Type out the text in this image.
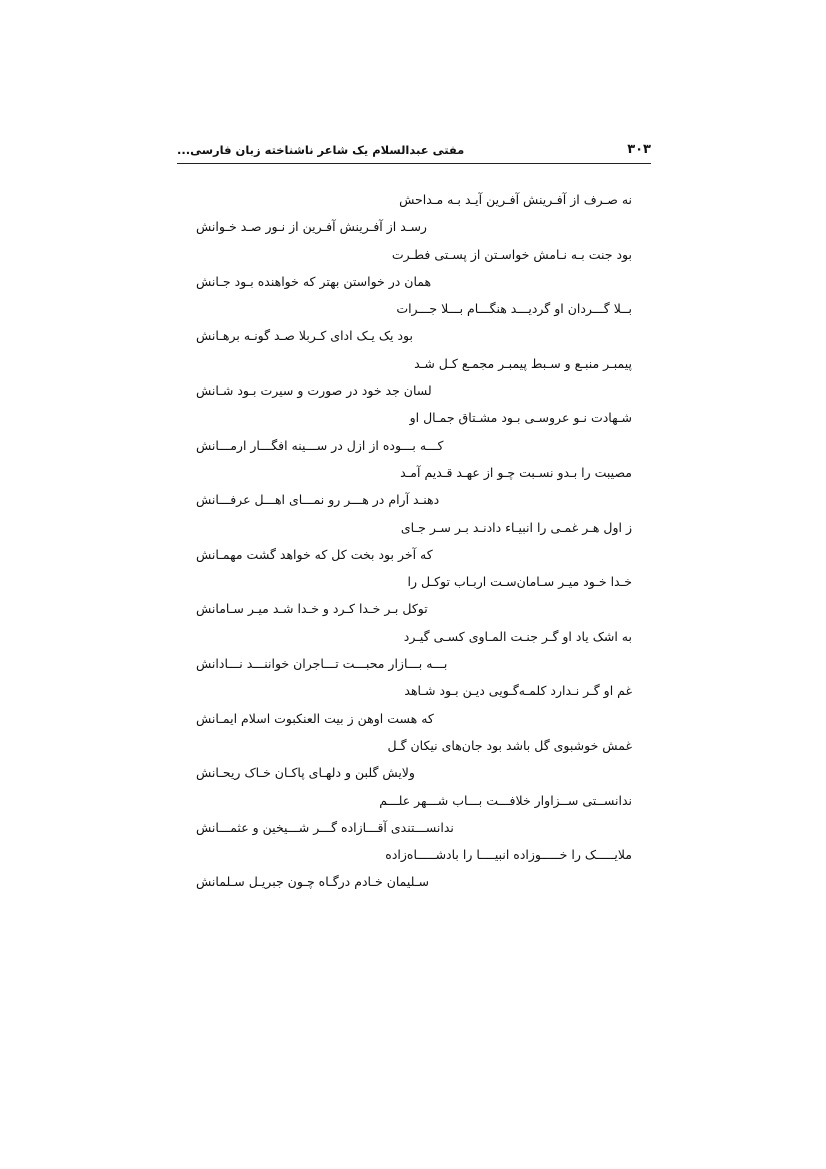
۳۰۳
مفتی عبدالسلام یک شاعر ناشناخته زبان فارسی...
نه صـرف از آفـرینش آفـرین آیـد بـه مـداحش
رسـد از آفـرینش آفـرین از نـور صـد خـوانش
بود جنت بـه نـامش خواسـتن از پسـتی فطـرت
همان در خواستن بهتر که خواهنده بـود جـانش
بــلا گـــردان او گردیـــد هنگـــام بـــلا جـــرات
بود یک یـک ادای کـربلا صـد گونـه برهـانش
پیمبـر منبـع و سـبط پیمبـر مجمـع کـل شـد
لسان جد خود در صورت و سیرت بـود شـانش
شـهادت نـو عروسـی بـود مشـتاق جمـال او
کـــه بـــوده از ازل در ســـینه افگـــار ارمـــانش
مصیبت را بـدو نسـبت چـو از عهـد قـدیم آمـد
دهنـد آرام در هـــر رو نمـــای اهـــل عرفـــانش
ز اول هـر غمـی را انبیـاء دادنـد بـر سـر جـای
که آخر بود بخت کل که خواهد گشت مهمـانش
خـدا خـود میـر سـامان‌سـت اربـاب توکـل را
توکل بـر خـدا کـرد و خـدا شـد میـر سـامانش
به اشک یاد او گـر جنـت المـاوی کسـی گیـرد
بـــه بـــازار محبـــت تـــاجران خواننـــد نـــادانش
غم او گـر نـدارد کلمـه‌گـویی دیـن بـود شـاهد
که هست اوهن ز بیت العنکبوت اسلام ایمـانش
غمش خوشبوی گل باشد بود جان‌های نیکان گـل
ولایش گلبن و دلهـای پاکـان خـاک ریحـانش
ندانســتی ســزاوار خلافـــت بـــاب شـــهر علـــم
ندانســـتندی آقـــازاده گـــر شـــیخین و عثمـــانش
ملایـــــک را خـــــوزاده انبیــــا را بادشـــــاه‌زاده
سـلیمان خـادم درگـاه چـون جبریـل سـلمانش
